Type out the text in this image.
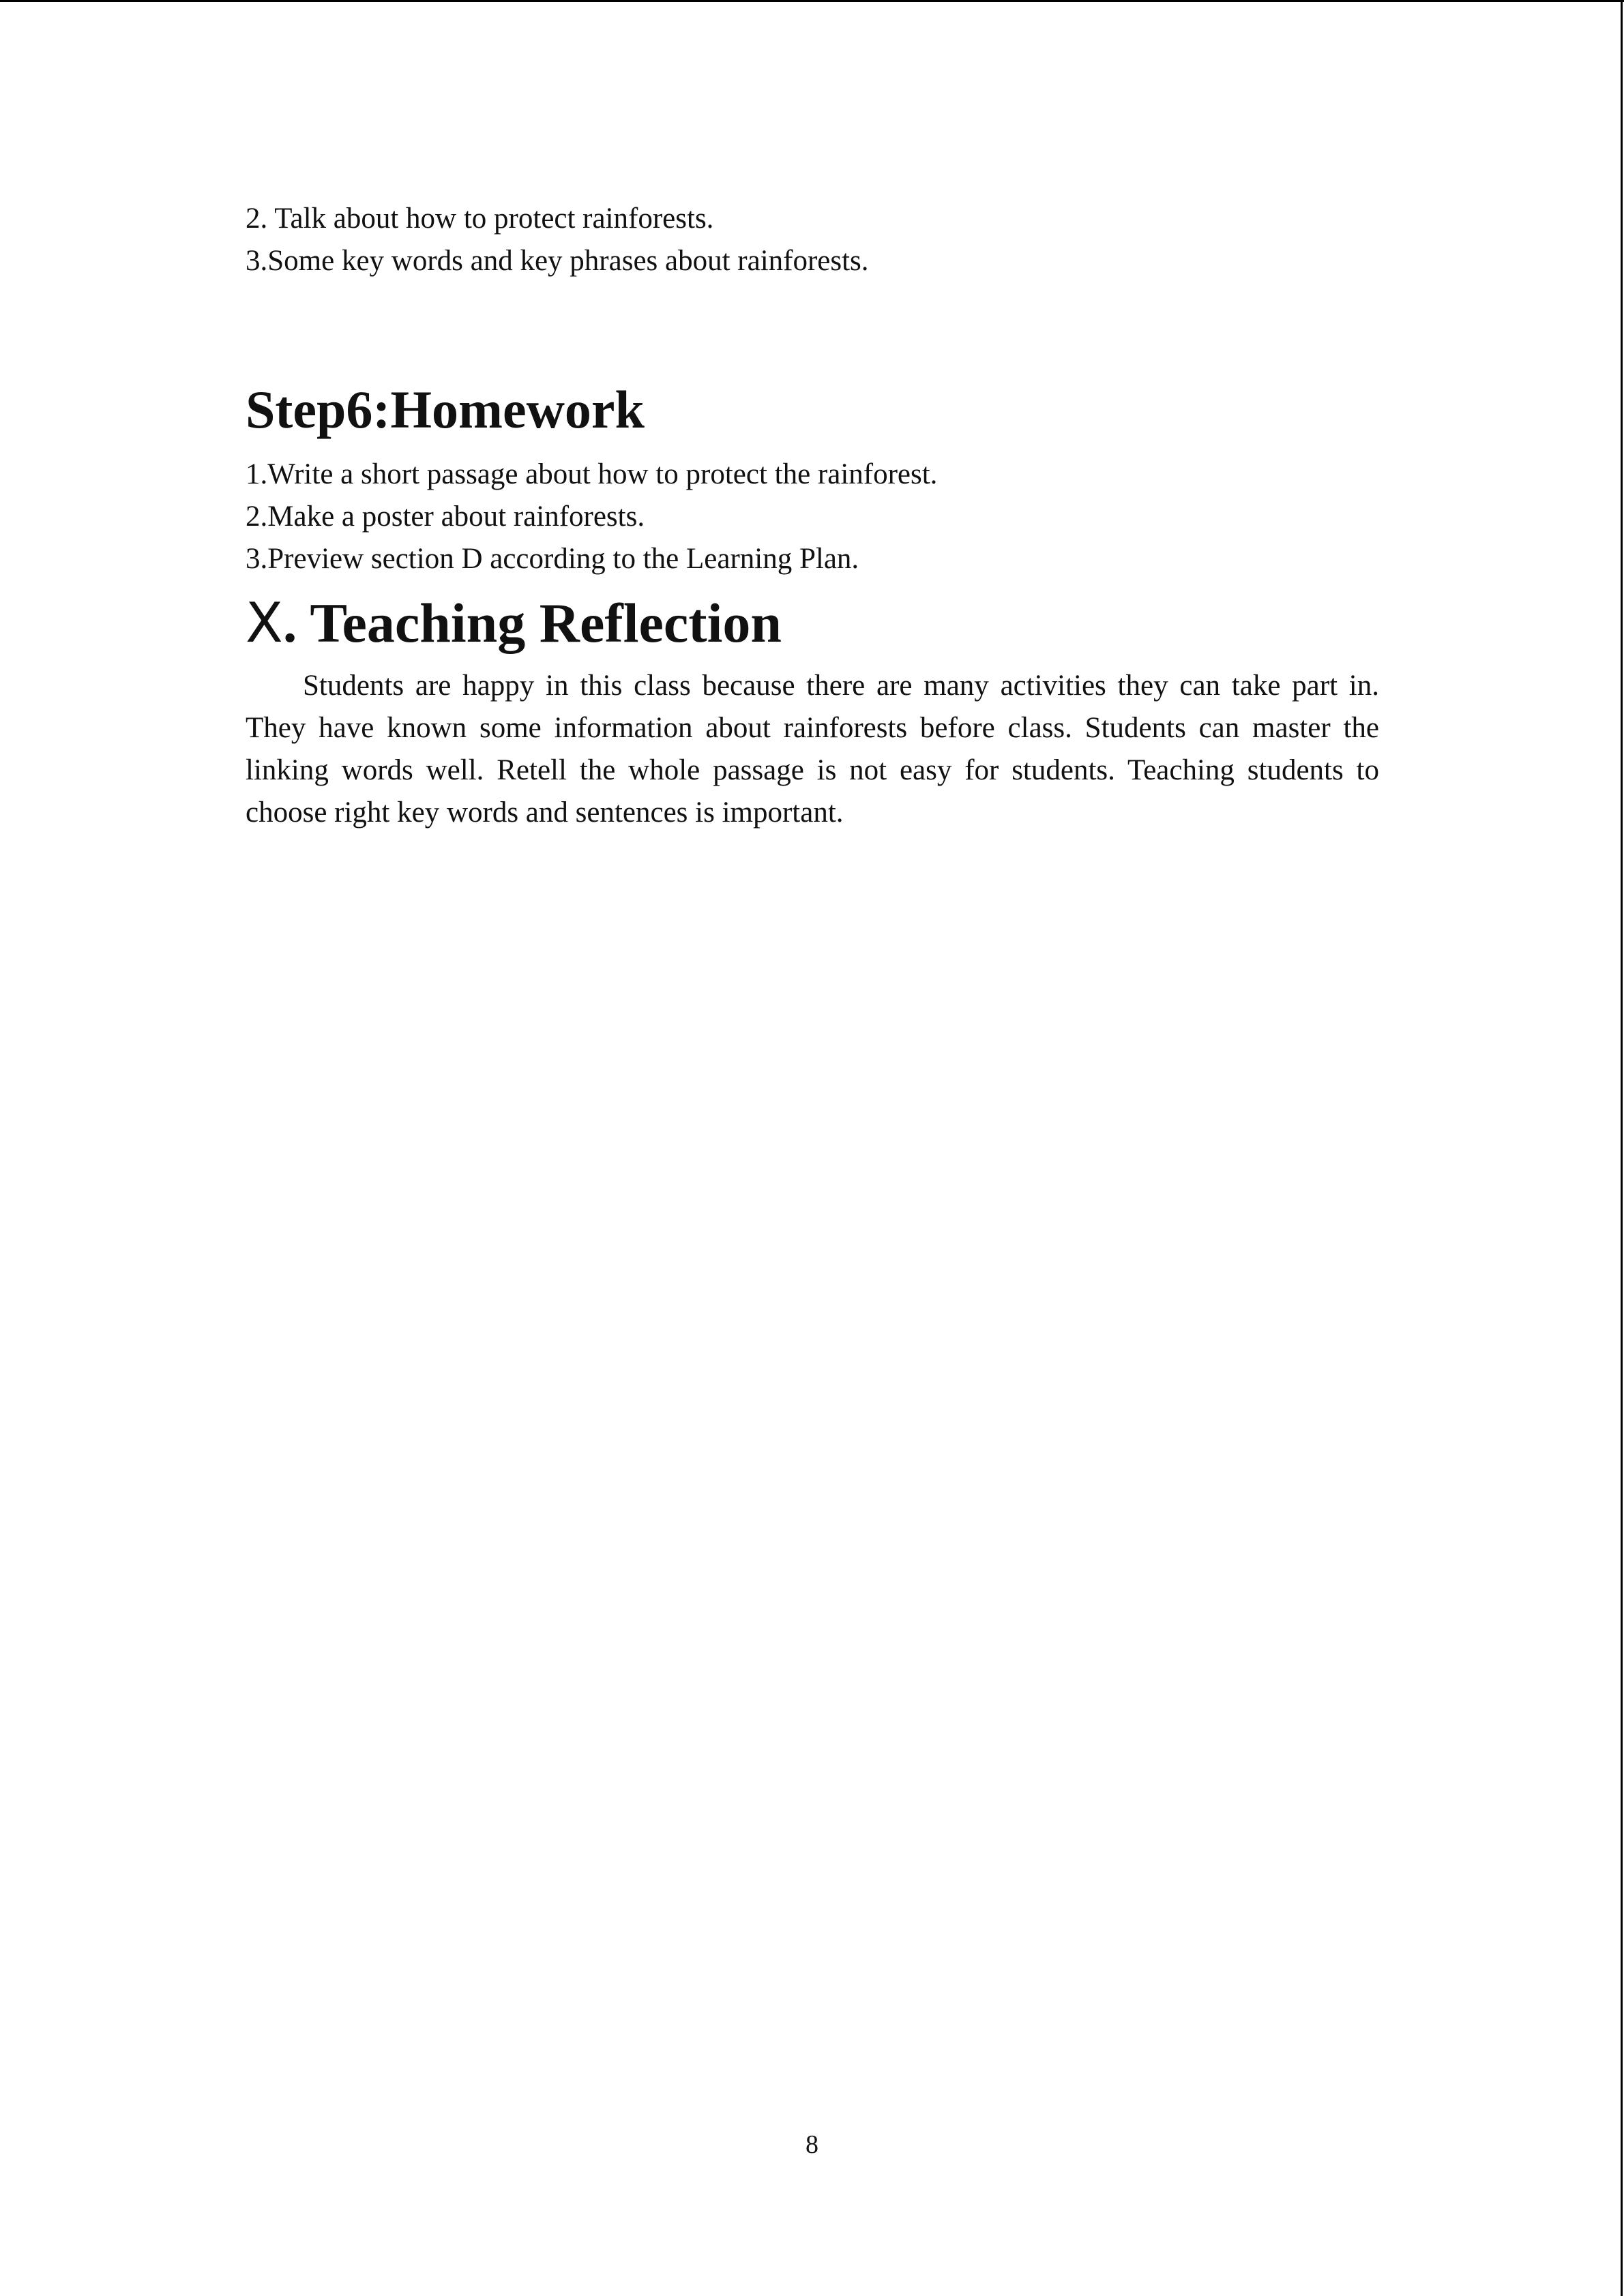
2. Talk about how to protect rainforests.
3.Some key words and key phrases about rainforests.
Step6:Homework
1.Write a short passage about how to protect the rainforest.
2.Make a poster about rainforests.
3.Preview section D according to the Learning Plan.
Ⅹ. Teaching Reflection
Students are happy in this class because there are many activities they can take part in. They have known some information about rainforests before class. Students can master the linking words well. Retell the whole passage is not easy for students. Teaching students to choose right key words and sentences is important.
8
